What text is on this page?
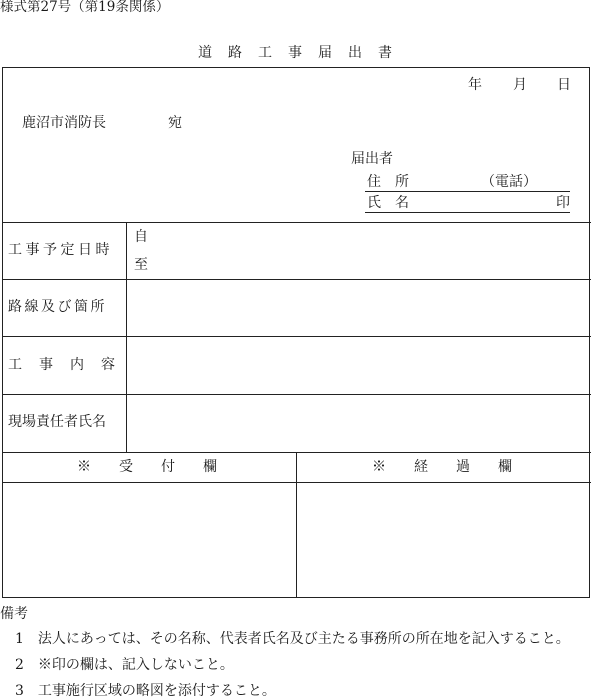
様式第27号（第19条関係）
道　路　工　事　届　出　書
年 月 日
鹿沼市消防長	宛
届出者
住　所	（電話）
氏　名	印
工事予定日時
自
至
路線及び箇所
工　事　内　容
現場責任者氏名
※　　受　　付　　欄	※　　経　　過　　欄
備考
1　法人にあっては、その名称、代表者氏名及び主たる事務所の所在地を記入すること。
2　※印の欄は、記入しないこと。
3　工事施行区域の略図を添付すること。
